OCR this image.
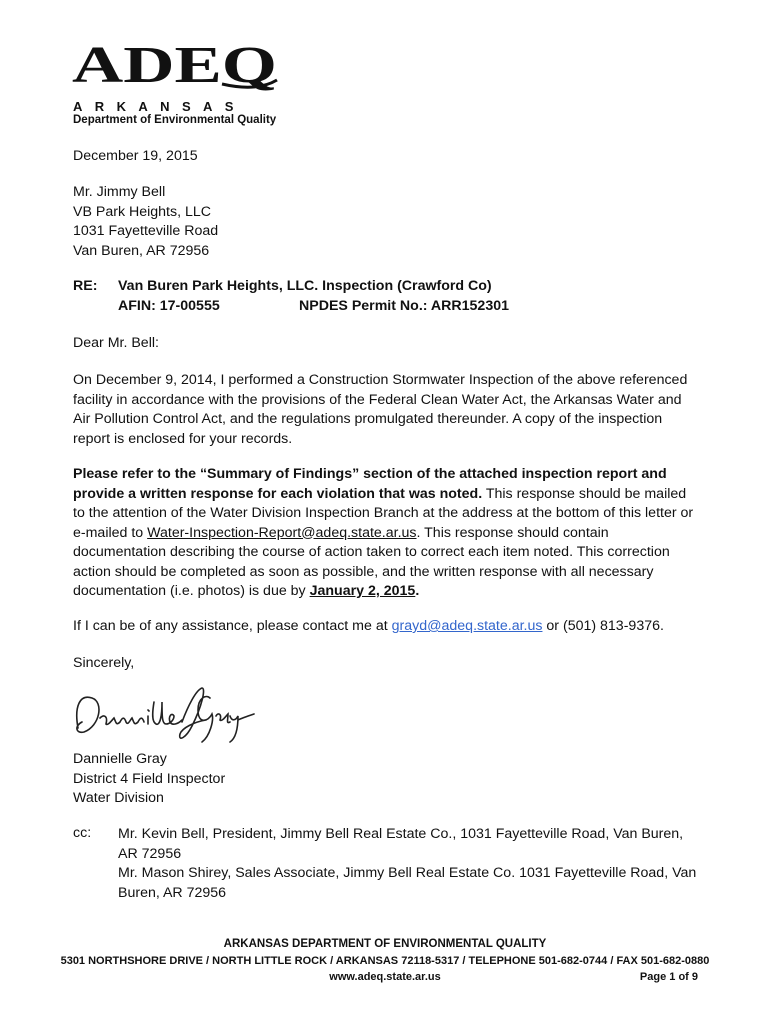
ADEQ
ARKANSAS
Department of Environmental Quality
December 19, 2015
Mr. Jimmy Bell
VB Park Heights, LLC
1031 Fayetteville Road
Van Buren, AR 72956
RE: Van Buren Park Heights, LLC. Inspection (Crawford Co)
AFIN: 17-00555	NPDES Permit No.: ARR152301
Dear Mr. Bell:
On December 9, 2014, I performed a Construction Stormwater Inspection of the above referenced facility in accordance with the provisions of the Federal Clean Water Act, the Arkansas Water and Air Pollution Control Act, and the regulations promulgated thereunder. A copy of the inspection report is enclosed for your records.
Please refer to the “Summary of Findings” section of the attached inspection report and provide a written response for each violation that was noted. This response should be mailed to the attention of the Water Division Inspection Branch at the address at the bottom of this letter or e-mailed to Water-Inspection-Report@adeq.state.ar.us. This response should contain documentation describing the course of action taken to correct each item noted. This correction action should be completed as soon as possible, and the written response with all necessary documentation (i.e. photos) is due by January 2, 2015.
If I can be of any assistance, please contact me at grayd@adeq.state.ar.us or (501) 813-9376.
Sincerely,
Dannielle Gray
District 4 Field Inspector
Water Division
cc: Mr. Kevin Bell, President, Jimmy Bell Real Estate Co., 1031 Fayetteville Road, Van Buren, AR 72956
Mr. Mason Shirey, Sales Associate, Jimmy Bell Real Estate Co. 1031 Fayetteville Road, Van Buren, AR 72956
ARKANSAS DEPARTMENT OF ENVIRONMENTAL QUALITY
5301 NORTHSHORE DRIVE / NORTH LITTLE ROCK / ARKANSAS 72118-5317 / TELEPHONE 501-682-0744 / FAX 501-682-0880
www.adeq.state.ar.us	Page 1 of 9
